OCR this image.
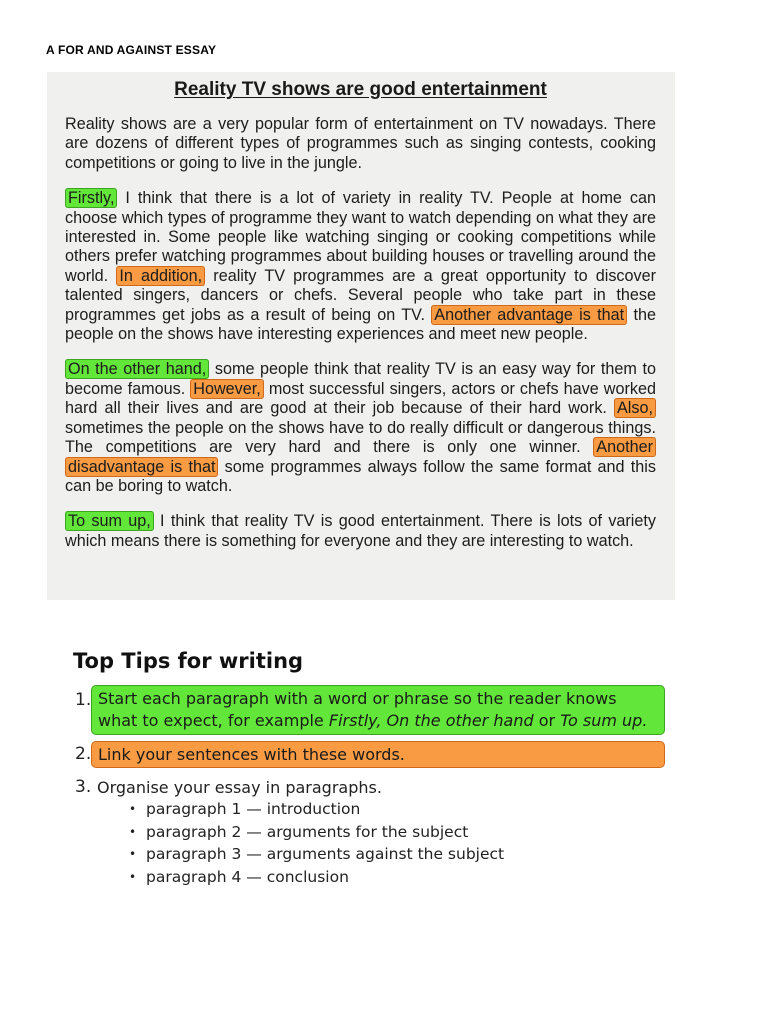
A FOR AND AGAINST ESSAY
Reality TV shows are good entertainment

Reality shows are a very popular form of entertainment on TV nowadays. There are dozens of different types of programmes such as singing contests, cooking competitions or going to live in the jungle.

Firstly, I think that there is a lot of variety in reality TV. People at home can choose which types of programme they want to watch depending on what they are interested in. Some people like watching singing or cooking competitions while others prefer watching programmes about building houses or travelling around the world. In addition, reality TV programmes are a great opportunity to discover talented singers, dancers or chefs. Several people who take part in these programmes get jobs as a result of being on TV. Another advantage is that the people on the shows have interesting experiences and meet new people.

On the other hand, some people think that reality TV is an easy way for them to become famous. However, most successful singers, actors or chefs have worked hard all their lives and are good at their job because of their hard work. Also, sometimes the people on the shows have to do really difficult or dangerous things. The competitions are very hard and there is only one winner. Another disadvantage is that some programmes always follow the same format and this can be boring to watch.

To sum up, I think that reality TV is good entertainment. There is lots of variety which means there is something for everyone and they are interesting to watch.

Top Tips for writing
1. Start each paragraph with a word or phrase so the reader knows what to expect, for example Firstly, On the other hand or To sum up.
2. Link your sentences with these words.
3. Organise your essay in paragraphs.
• paragraph 1 — introduction
• paragraph 2 — arguments for the subject
• paragraph 3 — arguments against the subject
• paragraph 4 — conclusion
